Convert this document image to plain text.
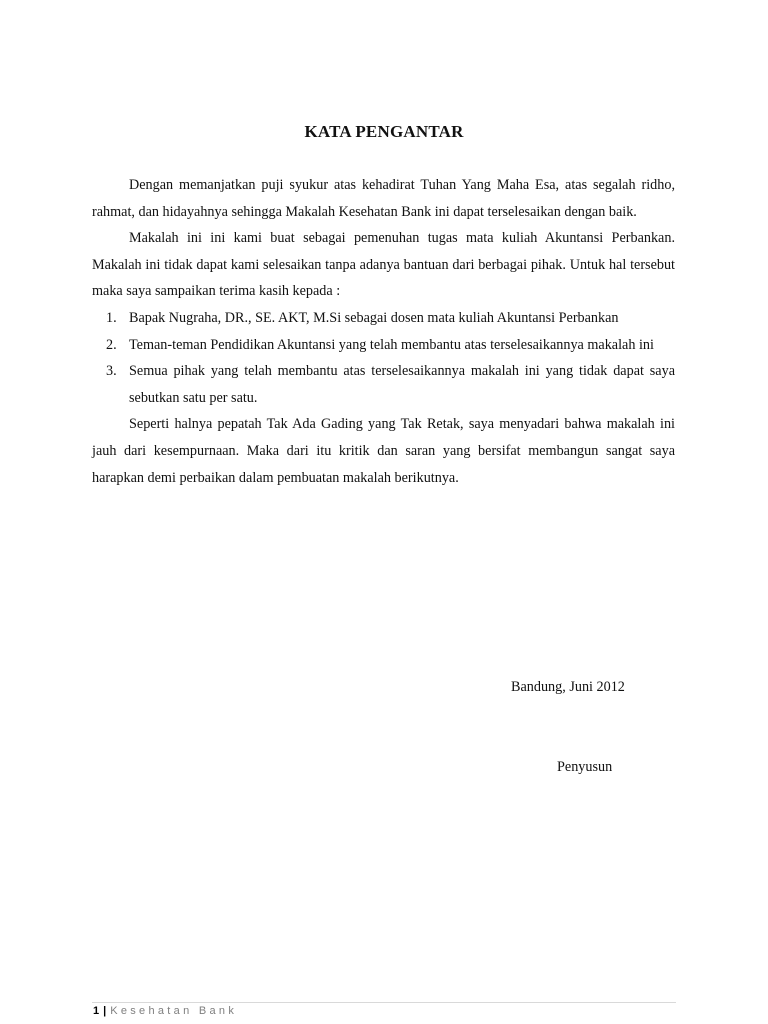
KATA PENGANTAR

Dengan memanjatkan puji syukur atas kehadirat Tuhan Yang Maha Esa, atas segalah ridho, rahmat, dan hidayahnya sehingga Makalah Kesehatan Bank ini dapat terselesaikan dengan baik.

Makalah ini ini kami buat sebagai pemenuhan tugas mata kuliah Akuntansi Perbankan. Makalah ini tidak dapat kami selesaikan tanpa adanya bantuan dari berbagai pihak. Untuk hal tersebut maka saya sampaikan terima kasih kepada :

1. Bapak Nugraha, DR., SE. AKT, M.Si sebagai dosen mata kuliah Akuntansi Perbankan
2. Teman-teman Pendidikan Akuntansi yang telah membantu atas terselesaikannya makalah ini
3. Semua pihak yang telah membantu atas terselesaikannya makalah ini yang tidak dapat saya sebutkan satu per satu.

Seperti halnya pepatah Tak Ada Gading yang Tak Retak, saya menyadari bahwa makalah ini jauh dari kesempurnaan. Maka dari itu kritik dan saran yang bersifat membangun sangat saya harapkan demi perbaikan dalam pembuatan makalah berikutnya.

Bandung, Juni 2012
Penyusun
1 | Kesehatan Bank
